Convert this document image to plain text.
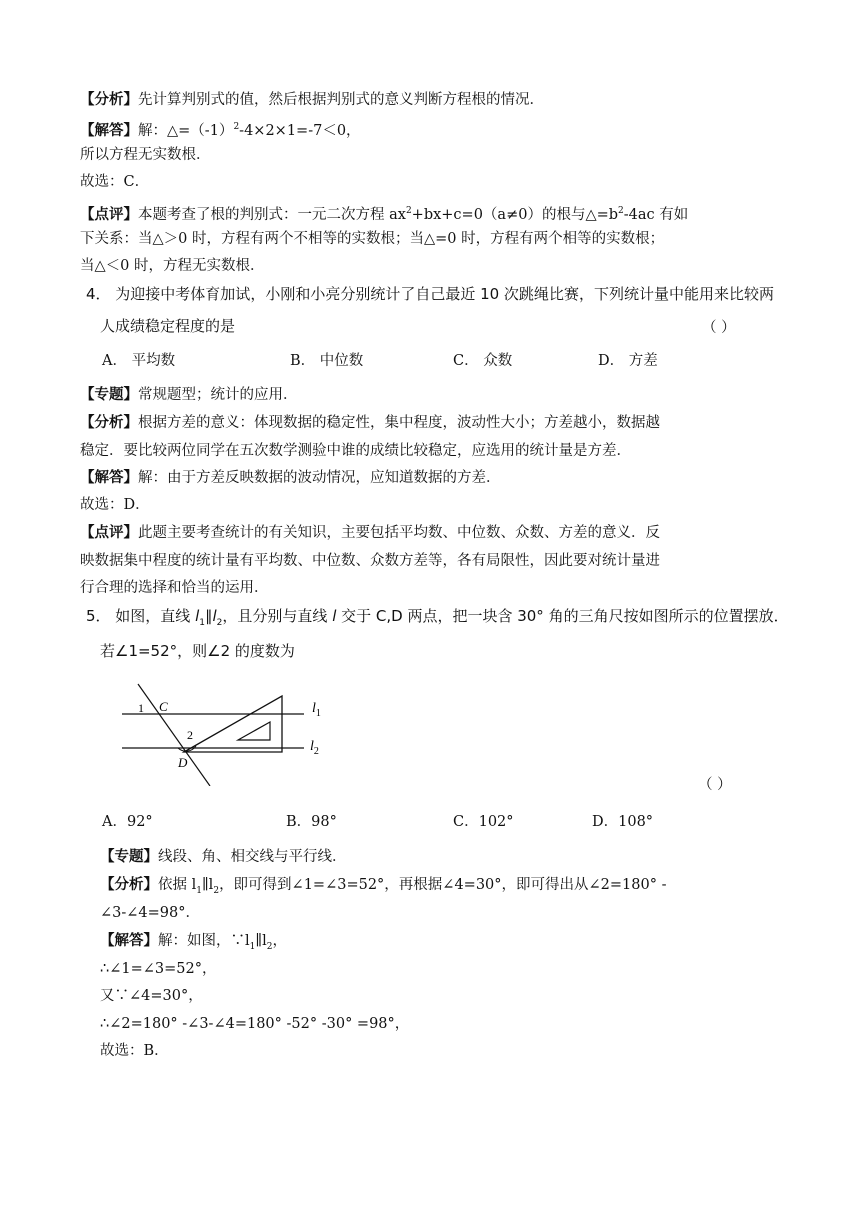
【分析】先计算判别式的值，然后根据判别式的意义判断方程根的情况．
【解答】解：$\triangle=(-1)^2-4\times 2\times 1=-7<0$，
所以方程无实数根．
故选：C．
【点评】本题考查了根的判别式：一元二次方程 $ax^2+bx+c=0(a\ne 0)$的根与$\triangle=b^2-4ac$ 有如
下关系：当△＞0 时，方程有两个不相等的实数根；当△=0 时，方程有两个相等的实数根；
当△＜0 时，方程无实数根．
4． 为迎接中考体育加试，小刚和小亮分别统计了自己最近 10 次跳绳比赛，下列统计量中能用来比较两
人成绩稳定程度的是	（ ）
A． 平均数	B． 中位数	C． 众数	D． 方差
【专题】常规题型；统计的应用．
【分析】根据方差的意义：体现数据的稳定性，集中程度，波动性大小；方差越小，数据越
稳定．要比较两位同学在五次数学测验中谁的成绩比较稳定，应选用的统计量是方差．
【解答】解：由于方差反映数据的波动情况，应知道数据的方差．
故选：D．
【点评】此题主要考查统计的有关知识，主要包括平均数、中位数、众数、方差的意义．反
映数据集中程度的统计量有平均数、中位数、众数方差等，各有局限性，因此要对统计量进
行合理的选择和恰当的运用．
5． 如图，直线 $l_1\parallel l_2$，且分别与直线 l 交于 C,D 两点，把一块含 30° 角的三角尺按如图所示的位置摆放．
若∠1=52°，则∠2 的度数为
1 C
2
D
$l_1$
$l_2$
（ ）
A．92°	B．98°	C．102°	D．108°
【专题】线段、角、相交线与平行线．
【分析】依据 $l_1\parallel l_2$，即可得到∠1=∠3=52°，再根据∠4=30°，即可得出从∠2=180° -
∠3-∠4=98°．
【解答】解：如图，$\because l_1\parallel l_2$，
∴∠1=∠3=52°，
又∵∠4=30°，
∴∠2=180° -∠3-∠4=180° -52° -30° =98°，
故选：B．
